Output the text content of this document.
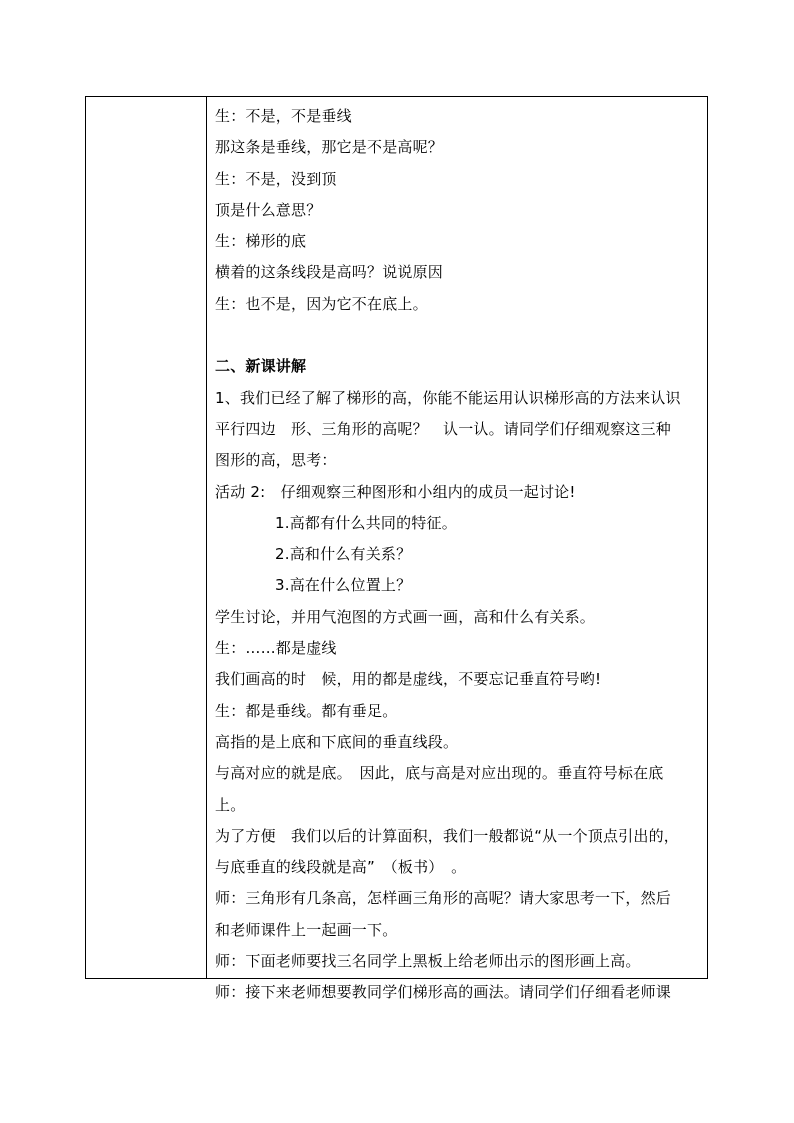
生：不是，不是垂线
那这条是垂线，那它是不是高呢？
生：不是，没到顶
顶是什么意思？
生：梯形的底
横着的这条线段是高吗？说说原因
生：也不是，因为它不在底上。
二、新课讲解
1、我们已经了解了梯形的高，你能不能运用认识梯形高的方法来认识
平行四边　形、三角形的高呢？　认一认。请同学们仔细观察这三种
图形的高，思考：
活动 2:　仔细观察三种图形和小组内的成员一起讨论!
1.高都有什么共同的特征。
2.高和什么有关系？
3.高在什么位置上？
学生讨论，并用气泡图的方式画一画，高和什么有关系。
生：……都是虚线
我们画高的时　候，用的都是虚线，不要忘记垂直符号哟!
生：都是垂线。都有垂足。
高指的是上底和下底间的垂直线段。
与高对应的就是底。　因此，底与高是对应出现的。垂直符号标在底
上。
为了方便　我们以后的计算面积，我们一般都说“从一个顶点引出的，
与底垂直的线段就是高”　（板书）　。
师：三角形有几条高，怎样画三角形的高呢？请大家思考一下，然后
和老师课件上一起画一下。
师：下面老师要找三名同学上黑板上给老师出示的图形画上高。
师：接下来老师想要教同学们梯形高的画法。请同学们仔细看老师课
